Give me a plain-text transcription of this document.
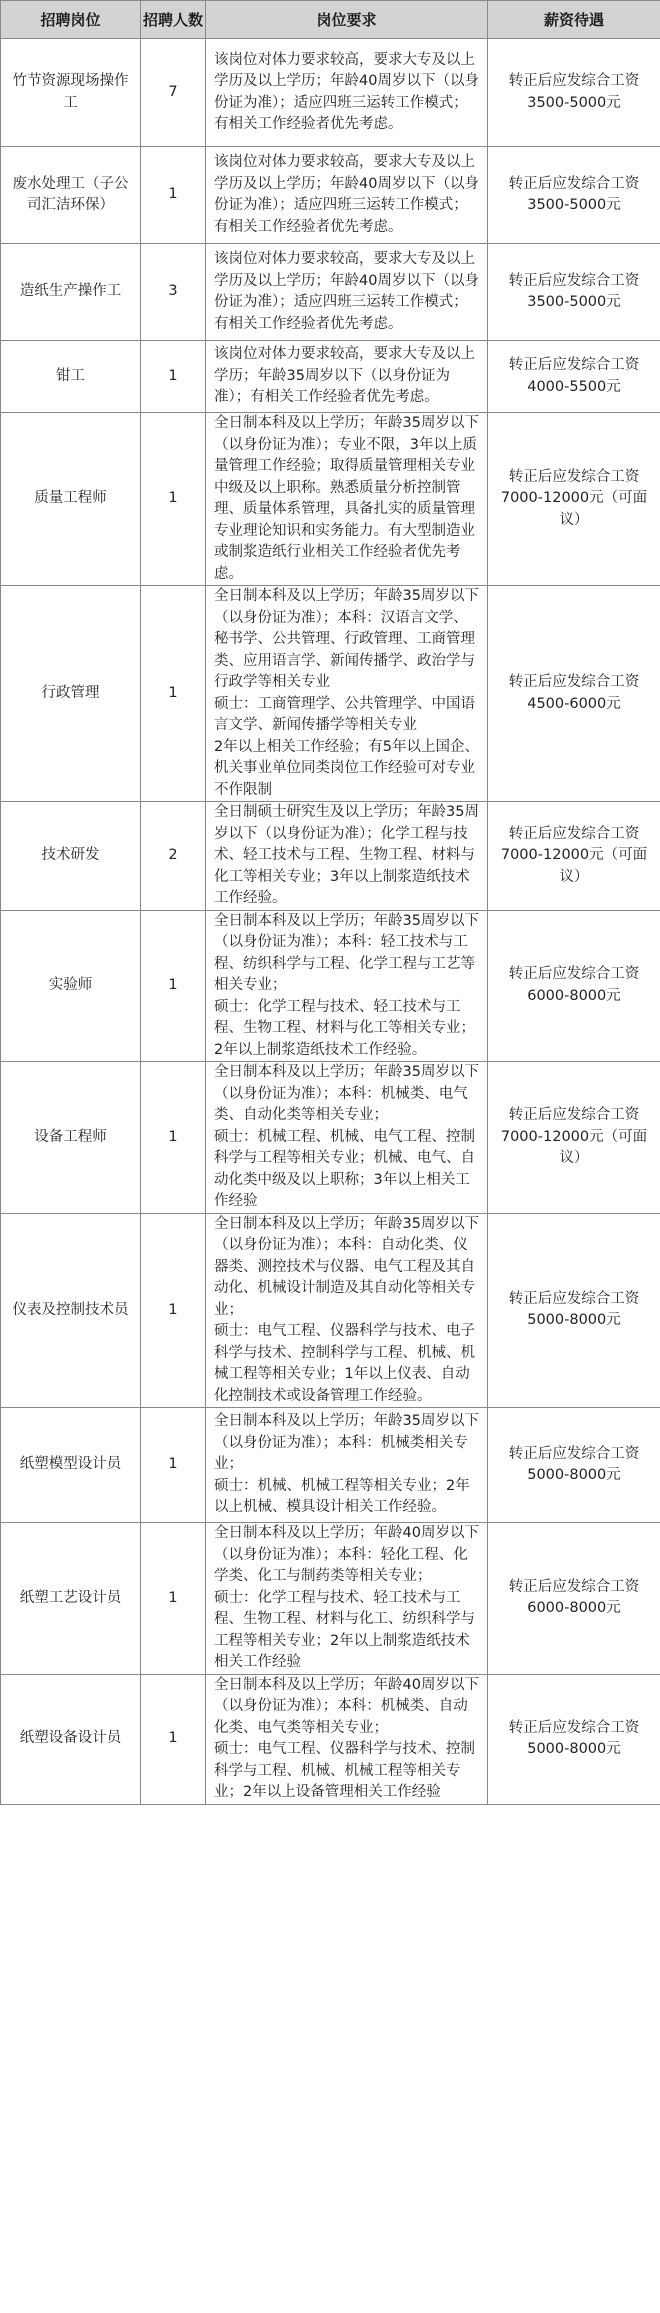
招聘岗位	招聘人数	岗位要求	薪资待遇
竹节资源现场操作工	7	该岗位对体力要求较高，要求大专及以上学历及以上学历；年龄40周岁以下（以身份证为准）；适应四班三运转工作模式；有相关工作经验者优先考虑。	转正后应发综合工资3500-5000元
废水处理工（子公司汇洁环保）	1	该岗位对体力要求较高，要求大专及以上学历及以上学历；年龄40周岁以下（以身份证为准）；适应四班三运转工作模式；有相关工作经验者优先考虑。	转正后应发综合工资3500-5000元
造纸生产操作工	3	该岗位对体力要求较高，要求大专及以上学历及以上学历；年龄40周岁以下（以身份证为准）；适应四班三运转工作模式；有相关工作经验者优先考虑。	转正后应发综合工资3500-5000元
钳工	1	该岗位对体力要求较高，要求大专及以上学历；年龄35周岁以下（以身份证为准）；有相关工作经验者优先考虑。	转正后应发综合工资4000-5500元
质量工程师	1	全日制本科及以上学历；年龄35周岁以下（以身份证为准）；专业不限，3年以上质量管理工作经验；取得质量管理相关专业中级及以上职称。熟悉质量分析控制管理、质量体系管理，具备扎实的质量管理专业理论知识和实务能力。有大型制造业或制浆造纸行业相关工作经验者优先考虑。	转正后应发综合工资7000-12000元（可面议）
行政管理	1	全日制本科及以上学历；年龄35周岁以下（以身份证为准）；本科：汉语言文学、秘书学、公共管理、行政管理、工商管理类、应用语言学、新闻传播学、政治学与行政学等相关专业
硕士：工商管理学、公共管理学、中国语言文学、新闻传播学等相关专业
2年以上相关工作经验；有5年以上国企、机关事业单位同类岗位工作经验可对专业不作限制	转正后应发综合工资4500-6000元
技术研发	2	全日制硕士研究生及以上学历；年龄35周岁以下（以身份证为准）；化学工程与技术、轻工技术与工程、生物工程、材料与化工等相关专业；3年以上制浆造纸技术工作经验。	转正后应发综合工资7000-12000元（可面议）
实验师	1	全日制本科及以上学历；年龄35周岁以下（以身份证为准）；本科：轻工技术与工程、纺织科学与工程、化学工程与工艺等相关专业；
硕士：化学工程与技术、轻工技术与工程、生物工程、材料与化工等相关专业；2年以上制浆造纸技术工作经验。	转正后应发综合工资6000-8000元
设备工程师	1	全日制本科及以上学历；年龄35周岁以下（以身份证为准）；本科：机械类、电气类、自动化类等相关专业；
硕士：机械工程、机械、电气工程、控制科学与工程等相关专业；机械、电气、自动化类中级及以上职称；3年以上相关工作经验	转正后应发综合工资7000-12000元（可面议）
仪表及控制技术员	1	全日制本科及以上学历；年龄35周岁以下（以身份证为准）；本科：自动化类、仪器类、测控技术与仪器、电气工程及其自动化、机械设计制造及其自动化等相关专业；
硕士：电气工程、仪器科学与技术、电子科学与技术、控制科学与工程、机械、机械工程等相关专业；1年以上仪表、自动化控制技术或设备管理工作经验。	转正后应发综合工资5000-8000元
纸塑模型设计员	1	全日制本科及以上学历；年龄35周岁以下（以身份证为准）；本科：机械类相关专业；
硕士：机械、机械工程等相关专业；2年以上机械、模具设计相关工作经验。	转正后应发综合工资5000-8000元
纸塑工艺设计员	1	全日制本科及以上学历；年龄40周岁以下（以身份证为准）；本科：轻化工程、化学类、化工与制药类等相关专业；
硕士：化学工程与技术、轻工技术与工程、生物工程、材料与化工、纺织科学与工程等相关专业；2年以上制浆造纸技术相关工作经验	转正后应发综合工资6000-8000元
纸塑设备设计员	1	全日制本科及以上学历；年龄40周岁以下（以身份证为准）；本科：机械类、自动化类、电气类等相关专业；
硕士：电气工程、仪器科学与技术、控制科学与工程、机械、机械工程等相关专业；2年以上设备管理相关工作经验	转正后应发综合工资5000-8000元
